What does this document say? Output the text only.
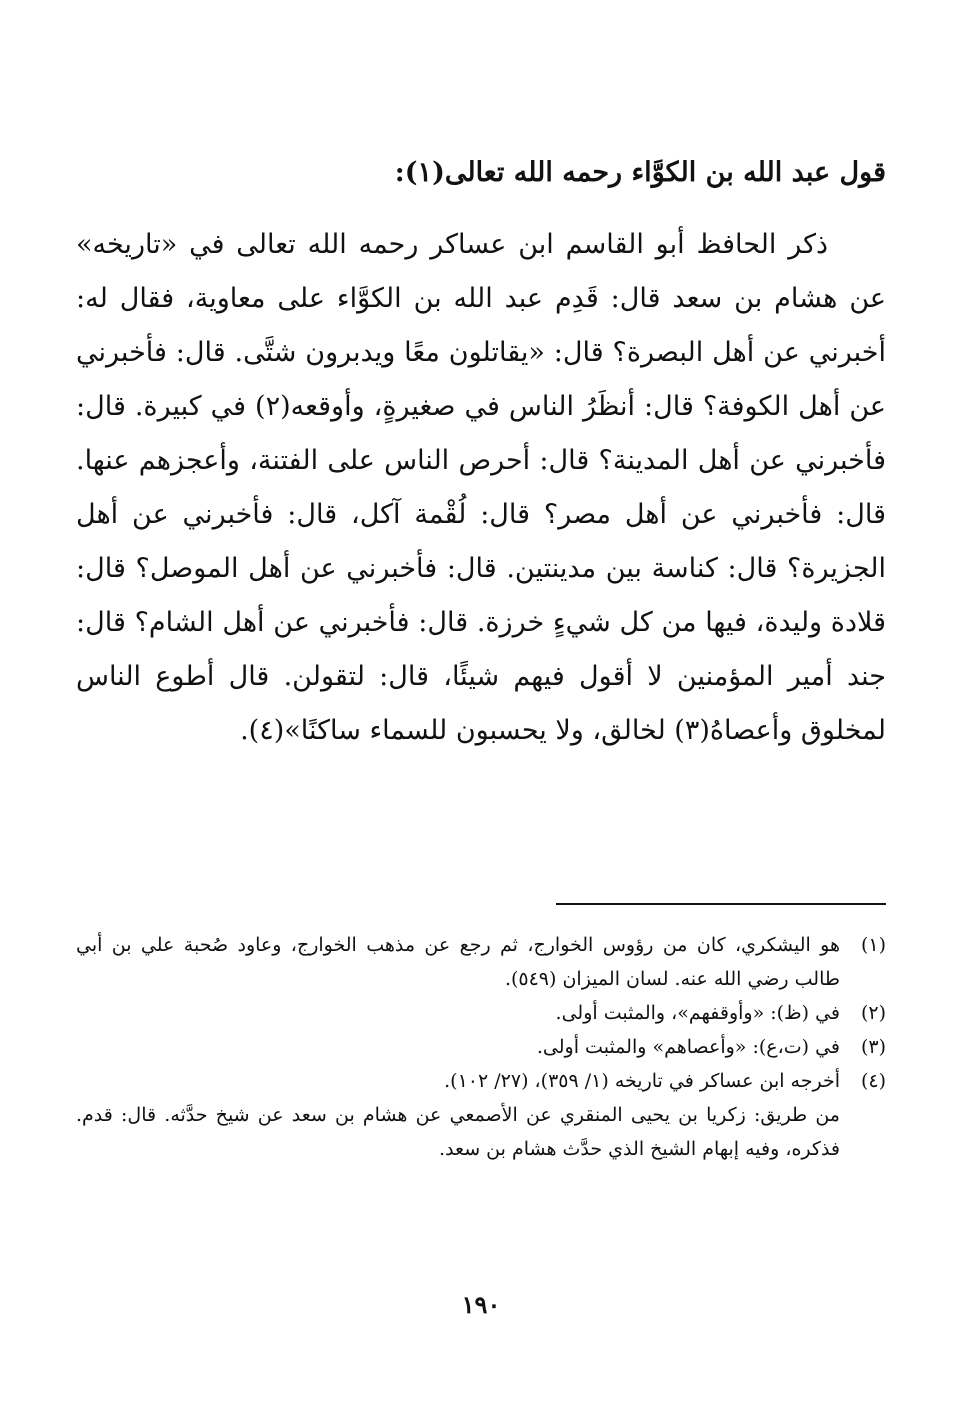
قول عبد الله بن الكوَّاء رحمه الله تعالى(١):

ذكر الحافظ أبو القاسم ابن عساكر رحمه الله تعالى في «تاريخه» عن هشام بن سعد قال: قَدِم عبد الله بن الكوَّاء على معاوية، فقال له: أخبرني عن أهل البصرة؟ قال: «يقاتلون معًا ويدبرون شتَّى. قال: فأخبرني عن أهل الكوفة؟ قال: أنظَرُ الناس في صغيرةٍ، وأوقعه(٢) في كبيرة. قال: فأخبرني عن أهل المدينة؟ قال: أحرص الناس على الفتنة، وأعجزهم عنها. قال: فأخبرني عن أهل مصر؟ قال: لُقْمة آكل، قال: فأخبرني عن أهل الجزيرة؟ قال: كناسة بين مدينتين. قال: فأخبرني عن أهل الموصل؟ قال: قلادة وليدة، فيها من كل شيءٍ خرزة. قال: فأخبرني عن أهل الشام؟ قال: جند أمير المؤمنين لا أقول فيهم شيئًا، قال: لتقولن. قال أطوع الناس لمخلوق وأعصاهُ(٣) لخالق، ولا يحسبون للسماء ساكنًا»(٤).

(١)
هو اليشكري، كان من رؤوس الخوارج، ثم رجع عن مذهب الخوارج، وعاود صُحبة علي بن أبي طالب رضي الله عنه. لسان الميزان (٥٤٩).
(٢)
في (ظ): «وأوقفهم»، والمثبت أولى.
(٣)
في (ت،ع): «وأعصاهم» والمثبت أولى.
(٤)
أخرجه ابن عساكر في تاريخه (١/ ٣٥٩)، (٢٧/ ١٠٢).
من طريق: زكريا بن يحيى المنقري عن الأصمعي عن هشام بن سعد عن شيخ حدَّثه. قال: قدم. فذكره، وفيه إبهام الشيخ الذي حدَّث هشام بن سعد.
١٩٠
